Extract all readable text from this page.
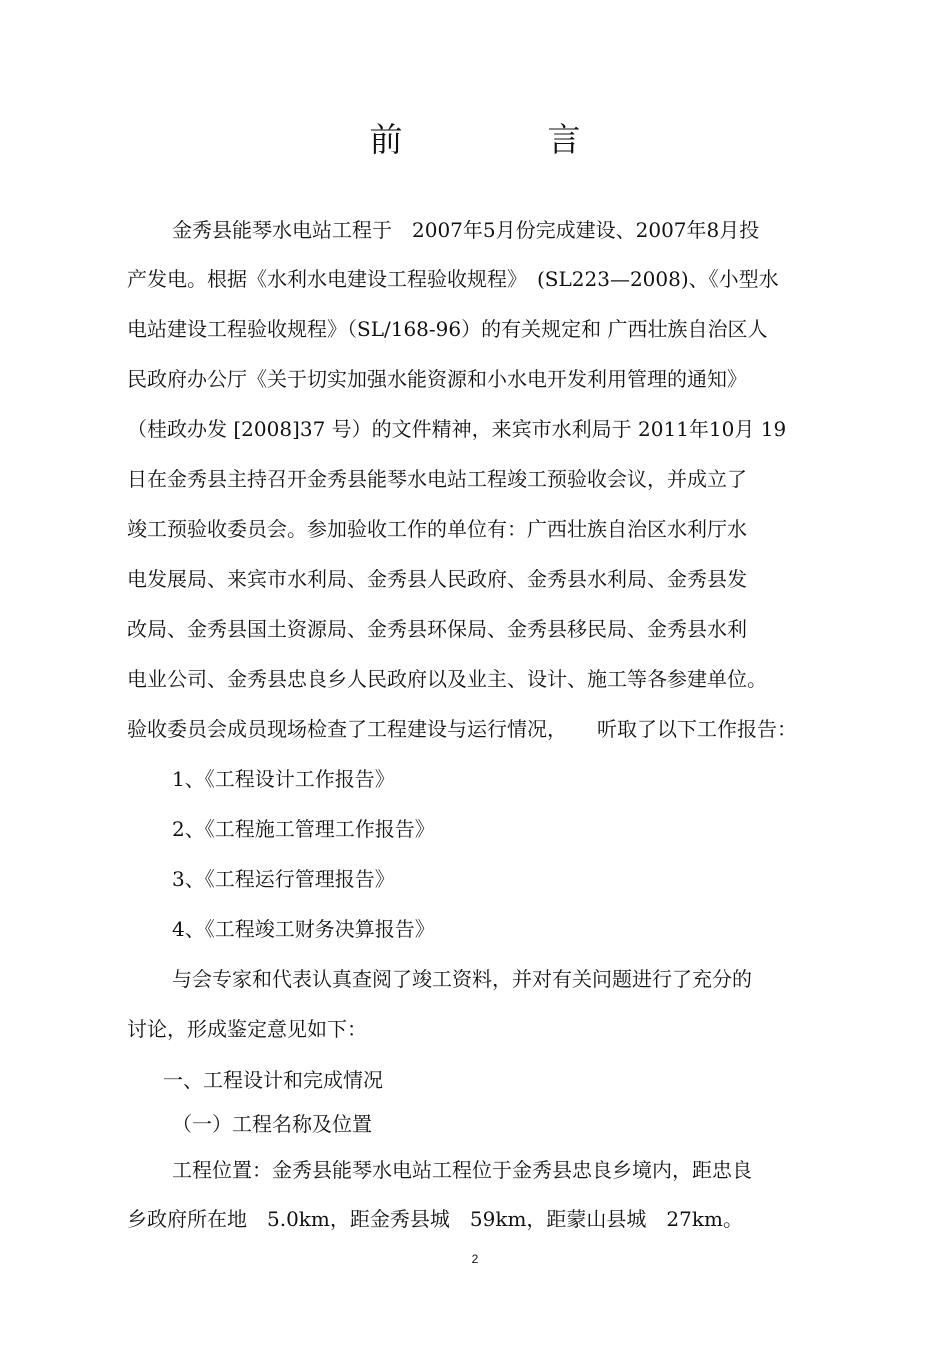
前　言
金秀县能琴水电站工程于　2007年5月份完成建设、2007年8月投
产发电。根据《水利水电建设工程验收规程》　(SL223—2008)、《小型水
电站建设工程验收规程》（SL/168-96）的有关规定和 广西壮族自治区人
民政府办公厅《关于切实加强水能资源和小水电开发利用管理的通知》
（桂政办发 [2008]37 号）的文件精神，来宾市水利局于 2011年10月 19
日在金秀县主持召开金秀县能琴水电站工程竣工预验收会议，并成立了
竣工预验收委员会。参加验收工作的单位有：广西壮族自治区水利厅水
电发展局、来宾市水利局、金秀县人民政府、金秀县水利局、金秀县发
改局、金秀县国土资源局、金秀县环保局、金秀县移民局、金秀县水利
电业公司、金秀县忠良乡人民政府以及业主、设计、施工等各参建单位。
验收委员会成员现场检查了工程建设与运行情况，　　听取了以下工作报告：
1、《工程设计工作报告》
2、《工程施工管理工作报告》
3、《工程运行管理报告》
4、《工程竣工财务决算报告》
与会专家和代表认真查阅了竣工资料，并对有关问题进行了充分的
讨论，形成鉴定意见如下：
一、工程设计和完成情况
（一）工程名称及位置
工程位置：金秀县能琴水电站工程位于金秀县忠良乡境内，距忠良
乡政府所在地　5.0km，距金秀县城　59km，距蒙山县城　27km。
2
